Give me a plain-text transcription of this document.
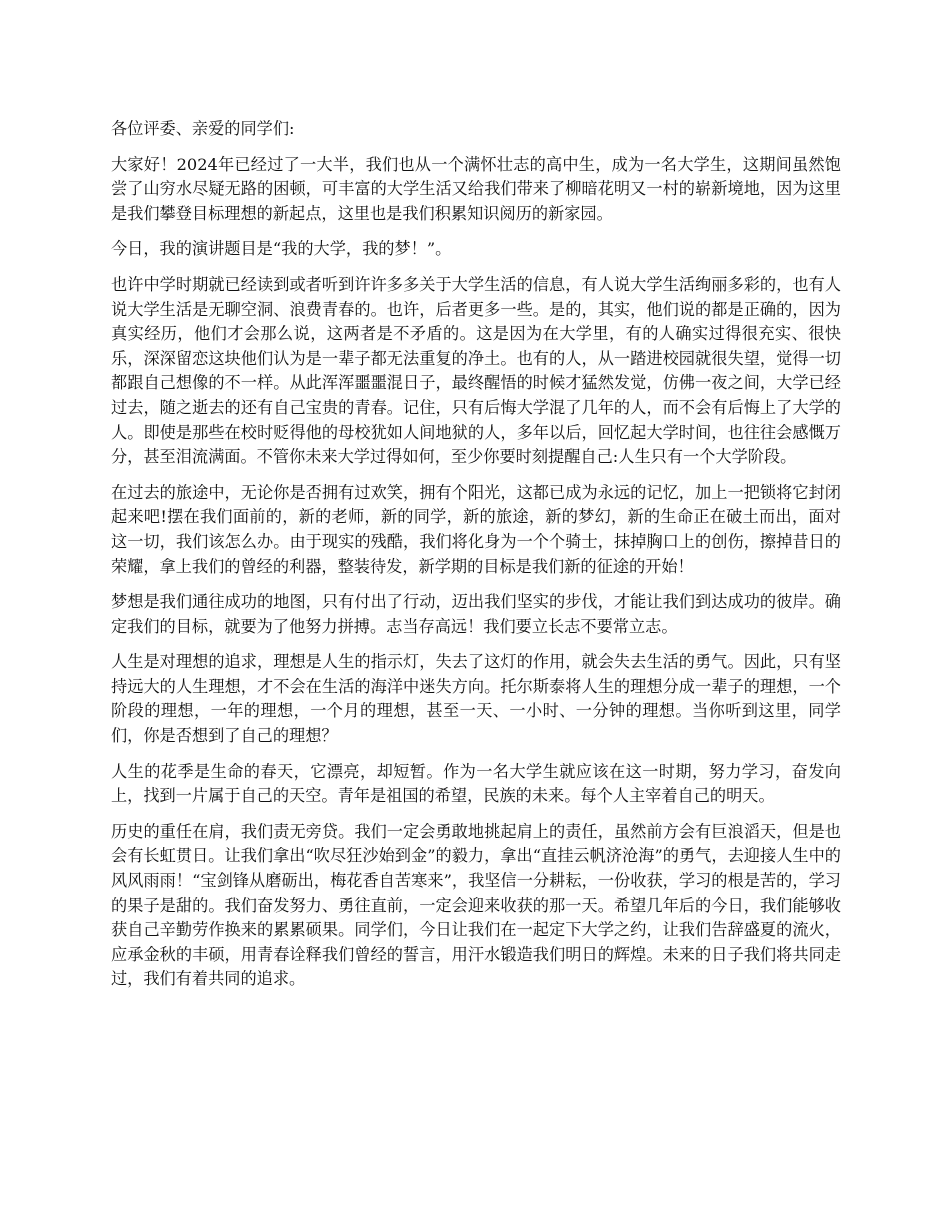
各位评委、亲爱的同学们:

大家好！2024年已经过了一大半，我们也从一个满怀壮志的高中生，成为一名大学生，这期间虽然饱尝了山穷水尽疑无路的困顿，可丰富的大学生活又给我们带来了柳暗花明又一村的崭新境地，因为这里是我们攀登目标理想的新起点，这里也是我们积累知识阅历的新家园。

今日，我的演讲题目是“我的大学，我的梦！”。

也许中学时期就已经读到或者听到许许多多关于大学生活的信息，有人说大学生活绚丽多彩的，也有人说大学生活是无聊空洞、浪费青春的。也许，后者更多一些。是的，其实，他们说的都是正确的，因为真实经历，他们才会那么说，这两者是不矛盾的。这是因为在大学里，有的人确实过得很充实、很快乐，深深留恋这块他们认为是一辈子都无法重复的净土。也有的人，从一踏进校园就很失望，觉得一切都跟自己想像的不一样。从此浑浑噩噩混日子，最终醒悟的时候才猛然发觉，仿佛一夜之间，大学已经过去，随之逝去的还有自己宝贵的青春。记住，只有后悔大学混了几年的人，而不会有后悔上了大学的人。即使是那些在校时贬得他的母校犹如人间地狱的人，多年以后，回忆起大学时间，也往往会感慨万分，甚至泪流满面。不管你未来大学过得如何，至少你要时刻提醒自己:人生只有一个大学阶段。

在过去的旅途中，无论你是否拥有过欢笑，拥有个阳光，这都已成为永远的记忆，加上一把锁将它封闭起来吧!摆在我们面前的，新的老师，新的同学，新的旅途，新的梦幻，新的生命正在破土而出，面对这一切，我们该怎么办。由于现实的残酷，我们将化身为一个个骑士，抹掉胸口上的创伤，擦掉昔日的荣耀，拿上我们的曾经的利器，整装待发，新学期的目标是我们新的征途的开始！

梦想是我们通往成功的地图，只有付出了行动，迈出我们坚实的步伐，才能让我们到达成功的彼岸。确定我们的目标，就要为了他努力拼搏。志当存高远！我们要立长志不要常立志。

人生是对理想的追求，理想是人生的指示灯，失去了这灯的作用，就会失去生活的勇气。因此，只有坚持远大的人生理想，才不会在生活的海洋中迷失方向。托尔斯泰将人生的理想分成一辈子的理想，一个阶段的理想，一年的理想，一个月的理想，甚至一天、一小时、一分钟的理想。当你听到这里，同学们，你是否想到了自己的理想？

人生的花季是生命的春天，它漂亮，却短暂。作为一名大学生就应该在这一时期，努力学习，奋发向上，找到一片属于自己的天空。青年是祖国的希望，民族的未来。每个人主宰着自己的明天。

历史的重任在肩，我们责无旁贷。我们一定会勇敢地挑起肩上的责任，虽然前方会有巨浪滔天，但是也会有长虹贯日。让我们拿出“吹尽狂沙始到金”的毅力，拿出“直挂云帆济沧海”的勇气，去迎接人生中的风风雨雨！“宝剑锋从磨砺出，梅花香自苦寒来”，我坚信一分耕耘，一份收获，学习的根是苦的，学习的果子是甜的。我们奋发努力、勇往直前，一定会迎来收获的那一天。希望几年后的今日，我们能够收获自己辛勤劳作换来的累累硕果。同学们，今日让我们在一起定下大学之约，让我们告辞盛夏的流火，应承金秋的丰硕，用青春诠释我们曾经的誓言，用汗水锻造我们明日的辉煌。未来的日子我们将共同走过，我们有着共同的追求。
